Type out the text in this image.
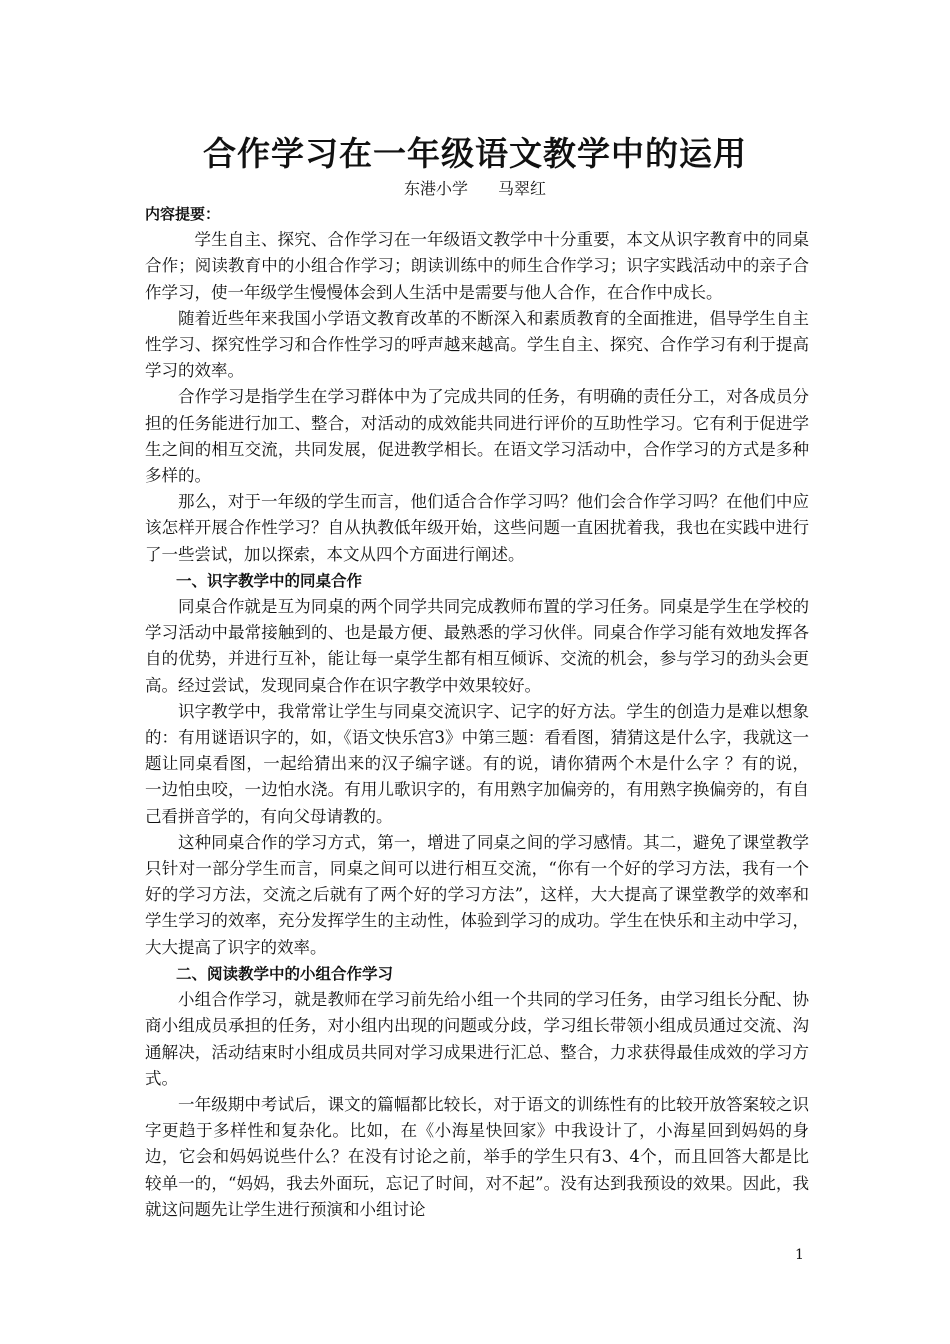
合作学习在一年级语文教学中的运用
东港小学 马翠红

内容提要：

学生自主、探究、合作学习在一年级语文教学中十分重要，本文从识字教育中的同桌合作；阅读教育中的小组合作学习；朗读训练中的师生合作学习；识字实践活动中的亲子合作学习，使一年级学生慢慢体会到人生活中是需要与他人合作，在合作中成长。

随着近些年来我国小学语文教育改革的不断深入和素质教育的全面推进，倡导学生自主性学习、探究性学习和合作性学习的呼声越来越高。学生自主、探究、合作学习有利于提高学习的效率。

合作学习是指学生在学习群体中为了完成共同的任务，有明确的责任分工，对各成员分担的任务能进行加工、整合，对活动的成效能共同进行评价的互助性学习。它有利于促进学生之间的相互交流，共同发展，促进教学相长。在语文学习活动中，合作学习的方式是多种多样的。

那么，对于一年级的学生而言，他们适合合作学习吗？他们会合作学习吗？在他们中应该怎样开展合作性学习？自从执教低年级开始，这些问题一直困扰着我，我也在实践中进行了一些尝试，加以探索，本文从四个方面进行阐述。

一、识字教学中的同桌合作

同桌合作就是互为同桌的两个同学共同完成教师布置的学习任务。同桌是学生在学校的学习活动中最常接触到的、也是最方便、最熟悉的学习伙伴。同桌合作学习能有效地发挥各自的优势，并进行互补，能让每一桌学生都有相互倾诉、交流的机会，参与学习的劲头会更高。经过尝试，发现同桌合作在识字教学中效果较好。

识字教学中，我常常让学生与同桌交流识字、记字的好方法。学生的创造力是难以想象的：有用谜语识字的，如，《语文快乐宫3》中第三题：看看图，猜猜这是什么字，我就这一题让同桌看图，一起给猜出来的汉子编字谜。有的说，请你猜两个木是什么字 ？有的说，一边怕虫咬，一边怕水浇。有用儿歌识字的，有用熟字加偏旁的，有用熟字换偏旁的，有自己看拼音学的，有向父母请教的。

这种同桌合作的学习方式，第一，增进了同桌之间的学习感情。其二，避免了课堂教学只针对一部分学生而言，同桌之间可以进行相互交流，“你有一个好的学习方法，我有一个好的学习方法，交流之后就有了两个好的学习方法”，这样，大大提高了课堂教学的效率和学生学习的效率，充分发挥学生的主动性，体验到学习的成功。学生在快乐和主动中学习，大大提高了识字的效率。

二、阅读教学中的小组合作学习

小组合作学习，就是教师在学习前先给小组一个共同的学习任务，由学习组长分配、协商小组成员承担的任务，对小组内出现的问题或分歧，学习组长带领小组成员通过交流、沟通解决，活动结束时小组成员共同对学习成果进行汇总、整合，力求获得最佳成效的学习方式。

一年级期中考试后，课文的篇幅都比较长，对于语文的训练性有的比较开放答案较之识字更趋于多样性和复杂化。比如，在《小海星快回家》中我设计了，小海星回到妈妈的身边，它会和妈妈说些什么？在没有讨论之前，举手的学生只有3、4个，而且回答大都是比较单一的，“妈妈，我去外面玩，忘记了时间，对不起”。没有达到我预设的效果。因此，我就这问题先让学生进行预演和小组讨论

1
